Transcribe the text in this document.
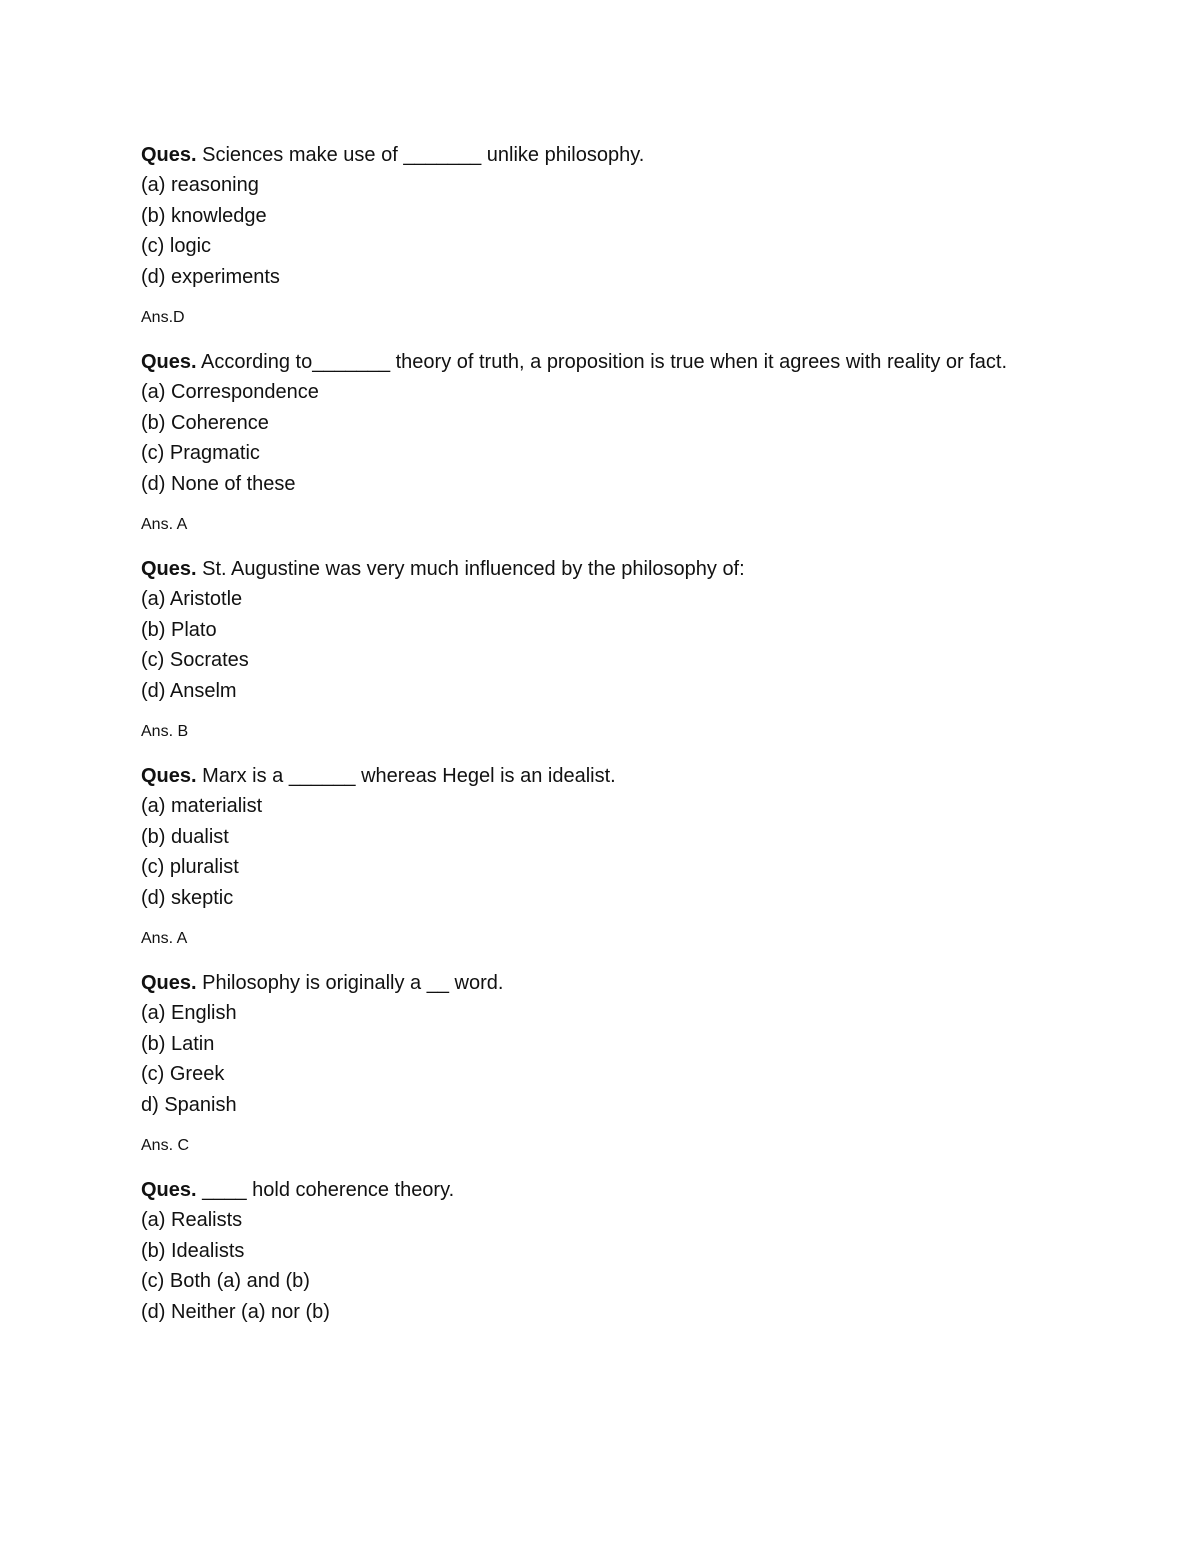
Ques. Sciences make use of _______ unlike philosophy.

(a) reasoning

(b) knowledge

(c) logic

(d) experiments

Ans.D

Ques. According to_______ theory of truth, a proposition is true when it agrees with reality or fact.

(a) Correspondence

(b) Coherence

(c) Pragmatic

(d) None of these

Ans. A

Ques. St. Augustine was very much influenced by the philosophy of:

(a) Aristotle

(b) Plato

(c) Socrates

(d) Anselm

Ans. B

Ques. Marx is a ______ whereas Hegel is an idealist.

(a) materialist

(b) dualist

(c) pluralist

(d) skeptic

Ans. A

Ques. Philosophy is originally a __ word.

(a) English

(b) Latin

(c) Greek

d) Spanish

Ans. C

Ques. ____ hold coherence theory.

(a) Realists

(b) Idealists

(c) Both (a) and (b)

(d) Neither (a) nor (b)
